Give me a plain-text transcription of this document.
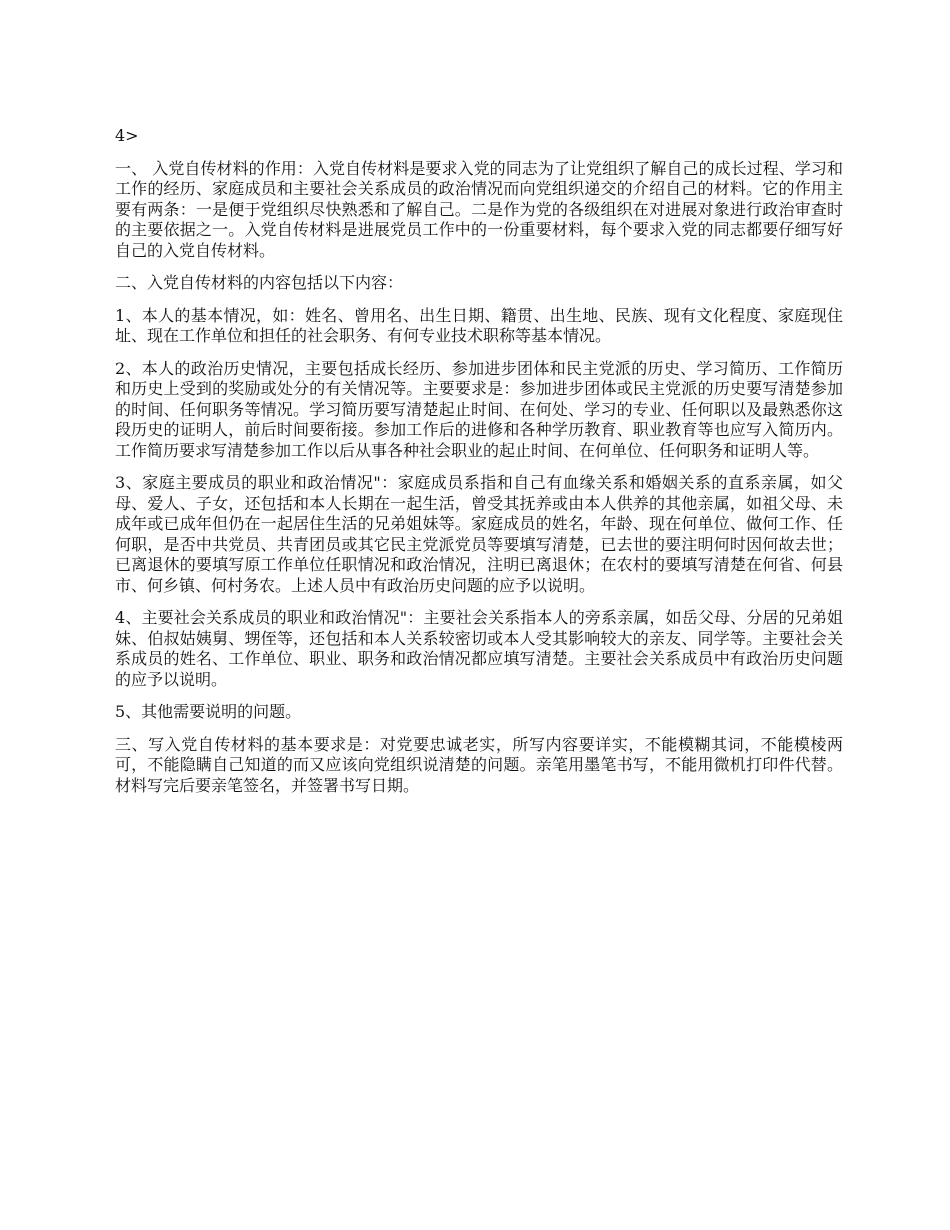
4>

一、 入党自传材料的作用：入党自传材料是要求入党的同志为了让党组织了解自己的成长过程、学习和工作的经历、家庭成员和主要社会关系成员的政治情况而向党组织递交的介绍自己的材料。它的作用主要有两条：一是便于党组织尽快熟悉和了解自己。二是作为党的各级组织在对进展对象进行政治审查时的主要依据之一。入党自传材料是进展党员工作中的一份重要材料，每个要求入党的同志都要仔细写好自己的入党自传材料。

二、入党自传材料的内容包括以下内容：

1、本人的基本情况，如：姓名、曾用名、出生日期、籍贯、出生地、民族、现有文化程度、家庭现住址、现在工作单位和担任的社会职务、有何专业技术职称等基本情况。

2、本人的政治历史情况，主要包括成长经历、参加进步团体和民主党派的历史、学习简历、工作简历和历史上受到的奖励或处分的有关情况等。主要要求是：参加进步团体或民主党派的历史要写清楚参加的时间、任何职务等情况。学习简历要写清楚起止时间、在何处、学习的专业、任何职以及最熟悉你这段历史的证明人，前后时间要衔接。参加工作后的进修和各种学历教育、职业教育等也应写入简历内。工作简历要求写清楚参加工作以后从事各种社会职业的起止时间、在何单位、任何职务和证明人等。

3、家庭主要成员的职业和政治情况"：家庭成员系指和自己有血缘关系和婚姻关系的直系亲属，如父母、爱人、子女，还包括和本人长期在一起生活，曾受其抚养或由本人供养的其他亲属，如祖父母、未成年或已成年但仍在一起居住生活的兄弟姐妹等。家庭成员的姓名，年龄、现在何单位、做何工作、任何职，是否中共党员、共青团员或其它民主党派党员等要填写清楚，已去世的要注明何时因何故去世；已离退休的要填写原工作单位任职情况和政治情况，注明已离退休；在农村的要填写清楚在何省、何县市、何乡镇、何村务农。上述人员中有政治历史问题的应予以说明。

4、主要社会关系成员的职业和政治情况"：主要社会关系指本人的旁系亲属，如岳父母、分居的兄弟姐妹、伯叔姑姨舅、甥侄等，还包括和本人关系较密切或本人受其影响较大的亲友、同学等。主要社会关系成员的姓名、工作单位、职业、职务和政治情况都应填写清楚。主要社会关系成员中有政治历史问题的应予以说明。

5、其他需要说明的问题。

三、写入党自传材料的基本要求是：对党要忠诚老实，所写内容要详实，不能模糊其词，不能模棱两可，不能隐瞒自己知道的而又应该向党组织说清楚的问题。亲笔用墨笔书写，不能用微机打印件代替。材料写完后要亲笔签名，并签署书写日期。
